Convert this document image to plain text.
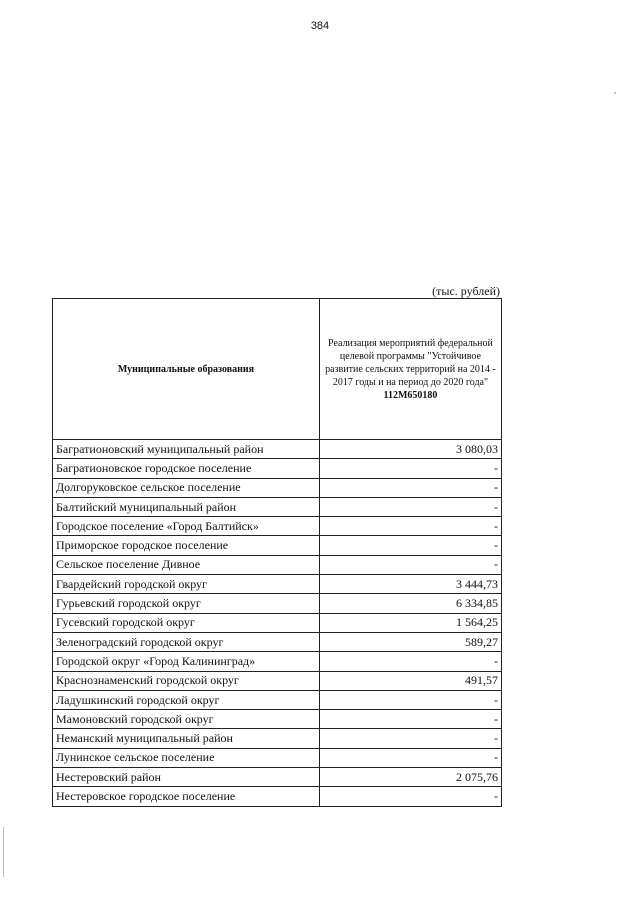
384
(тыс. рублей)
Муниципальные образования	Реализация мероприятий федеральной целевой программы "Устойчивое развитие сельских территорий на 2014 - 2017 годы и на период до 2020 года"
112М650180

Багратионовский муниципальный район	3 080,03
Багратионовское городское поселение	-
Долгоруковское сельское поселение	-
Балтийский муниципальный район	-
Городское поселение «Город Балтийск»	-
Приморское городское поселение	-
Сельское поселение Дивное	-
Гвардейский городской округ	3 444,73
Гурьевский городской округ	6 334,85
Гусевский городской округ	1 564,25
Зеленоградский городской округ	589,27
Городской округ «Город Калининград»	-
Краснознаменский городской округ	491,57
Ладушкинский городской округ	-
Мамоновский городской округ	-
Неманский муниципальный район	-
Лунинское сельское поселение	-
Нестеровский район	2 075,76
Нестеровское городское поселение	-
